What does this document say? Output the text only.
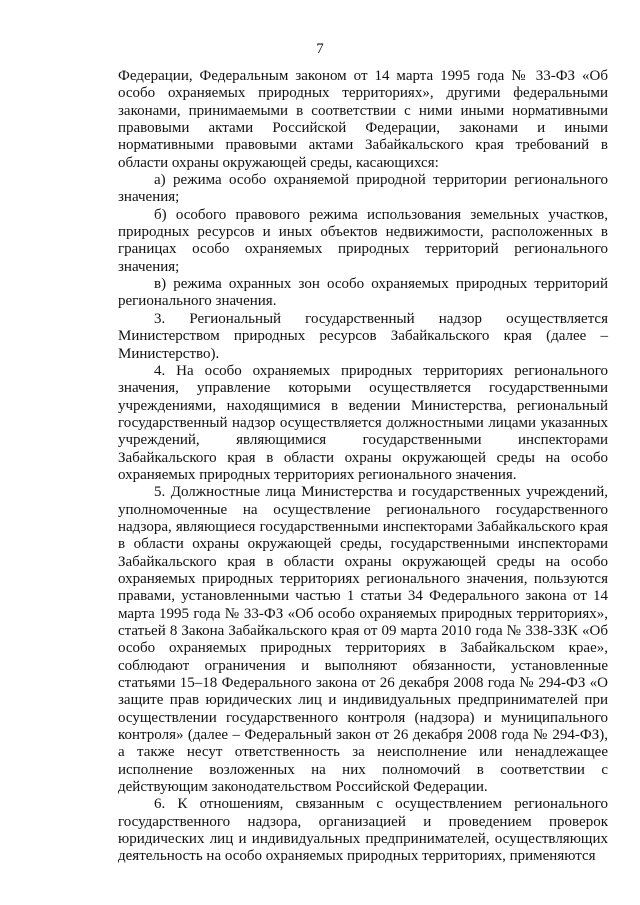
7

Федерации, Федеральным законом от 14 марта 1995 года № 33-ФЗ «Об особо охраняемых природных территориях», другими федеральными законами, принимаемыми в соответствии с ними иными нормативными правовыми актами Российской Федерации, законами и иными нормативными правовыми актами Забайкальского края требований в области охраны окружающей среды, касающихся:

а) режима особо охраняемой природной территории регионального значения;

б) особого правового режима использования земельных участков, природных ресурсов и иных объектов недвижимости, расположенных в границах особо охраняемых природных территорий регионального значения;

в) режима охранных зон особо охраняемых природных территорий регионального значения.

3. Региональный государственный надзор осуществляется Министерством природных ресурсов Забайкальского края (далее – Министерство).

4. На особо охраняемых природных территориях регионального значения, управление которыми осуществляется государственными учреждениями, находящимися в ведении Министерства, региональный государственный надзор осуществляется должностными лицами указанных учреждений, являющимися государственными инспекторами Забайкальского края в области охраны окружающей среды на особо охраняемых природных территориях регионального значения.

5. Должностные лица Министерства и государственных учреждений, уполномоченные на осуществление регионального государственного надзора, являющиеся государственными инспекторами Забайкальского края в области охраны окружающей среды, государственными инспекторами Забайкальского края в области охраны окружающей среды на особо охраняемых природных территориях регионального значения, пользуются правами, установленными частью 1 статьи 34 Федерального закона от 14 марта 1995 года № 33-ФЗ «Об особо охраняемых природных территориях», статьей 8 Закона Забайкальского края от 09 марта 2010 года № 338-ЗЗК «Об особо охраняемых природных территориях в Забайкальском крае», соблюдают ограничения и выполняют обязанности, установленные статьями 15–18 Федерального закона от 26 декабря 2008 года № 294-ФЗ «О защите прав юридических лиц и индивидуальных предпринимателей при осуществлении государственного контроля (надзора) и муниципального контроля» (далее – Федеральный закон от 26 декабря 2008 года № 294-ФЗ), а также несут ответственность за неисполнение или ненадлежащее исполнение возложенных на них полномочий в соответствии с действующим законодательством Российской Федерации.

6. К отношениям, связанным с осуществлением регионального государственного надзора, организацией и проведением проверок юридических лиц и индивидуальных предпринимателей, осуществляющих деятельность на особо охраняемых природных территориях, применяются
